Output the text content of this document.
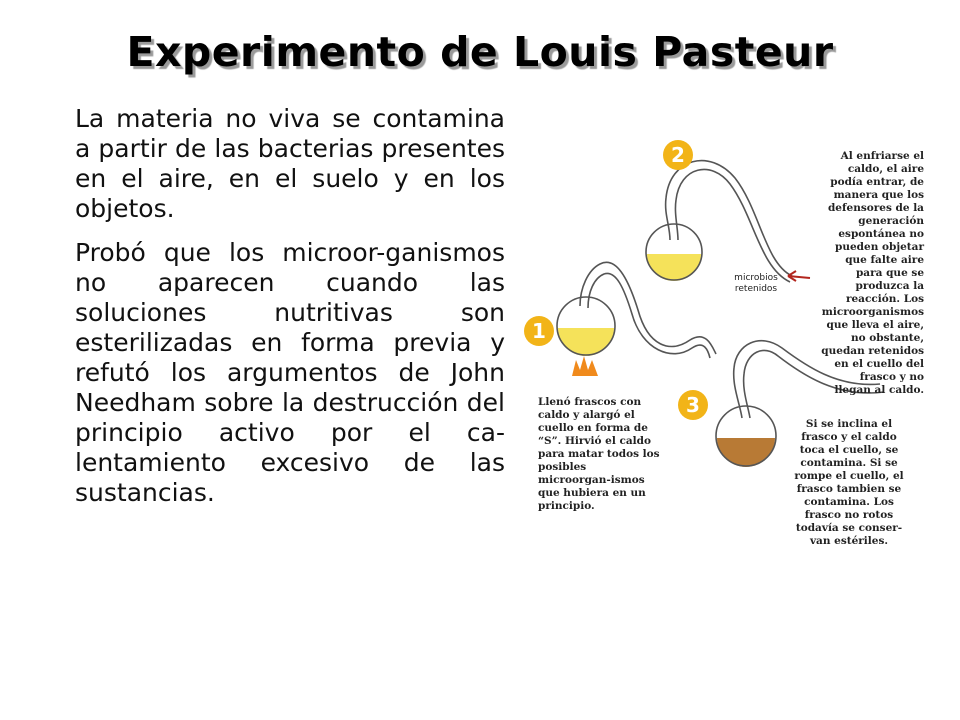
Experimento de Louis Pasteur

La materia no viva se contamina a partir de las bacterias presentes en el aire, en el suelo y en los objetos.

Probó que los microor-ganismos no aparecen cuando las soluciones nutritivas son esterilizadas en forma previa y refutó los argumentos de John Needham sobre la destrucción del principio activo por el ca-lentamiento excesivo de las sustancias.

2
1
3
Al enfriarse el caldo, el aire podía entrar, de manera que los defensores de la generación espontánea no pueden objetar que falte aire para que se produzca la reacción. Los microorganismos que lleva el aire, no obstante, quedan retenidos en el cuello del frasco y no llegan al caldo.
microbios retenidos
Llenó frascos con caldo y alargó el cuello en forma de “S”. Hirvió el caldo para matar todos los posibles microorgan-ismos que hubiera en un principio.
Si se inclina el frasco y el caldo toca el cuello, se contamina. Si se rompe el cuello, el frasco tambien se contamina. Los frasco no rotos todavía se conser-van estériles.
